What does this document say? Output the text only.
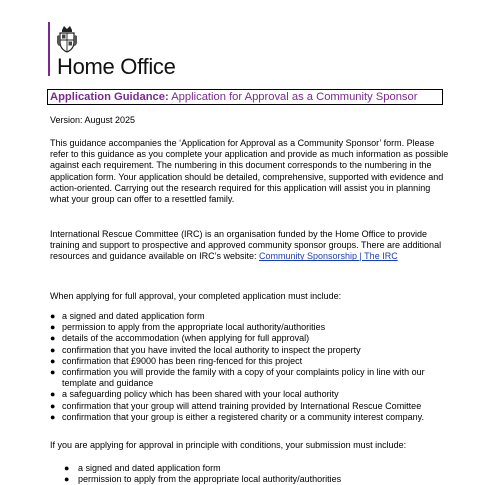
Home Office
Application Guidance: Application for Approval as a Community Sponsor
Version: August 2025
This guidance accompanies the ‘Application for Approval as a Community Sponsor’ form. Please refer to this guidance as you complete your application and provide as much information as possible against each requirement. The numbering in this document corresponds to the numbering in the application form. Your application should be detailed, comprehensive, supported with evidence and action-oriented. Carrying out the research required for this application will assist you in planning what your group can offer to a resettled family.
International Rescue Committee (IRC) is an organisation funded by the Home Office to provide training and support to prospective and approved community sponsor groups. There are additional resources and guidance available on IRC’s website: Community Sponsorship | The IRC
When applying for full approval, your completed application must include:
● a signed and dated application form
● permission to apply from the appropriate local authority/authorities
● details of the accommodation (when applying for full approval)
● confirmation that you have invited the local authority to inspect the property
● confirmation that £9000 has been ring-fenced for this project
● confirmation you will provide the family with a copy of your complaints policy in line with our template and guidance
● a safeguarding policy which has been shared with your local authority
● confirmation that your group will attend training provided by International Rescue Comittee
● confirmation that your group is either a registered charity or a community interest company.
If you are applying for approval in principle with conditions, your submission must include:
● a signed and dated application form
● permission to apply from the appropriate local authority/authorities
